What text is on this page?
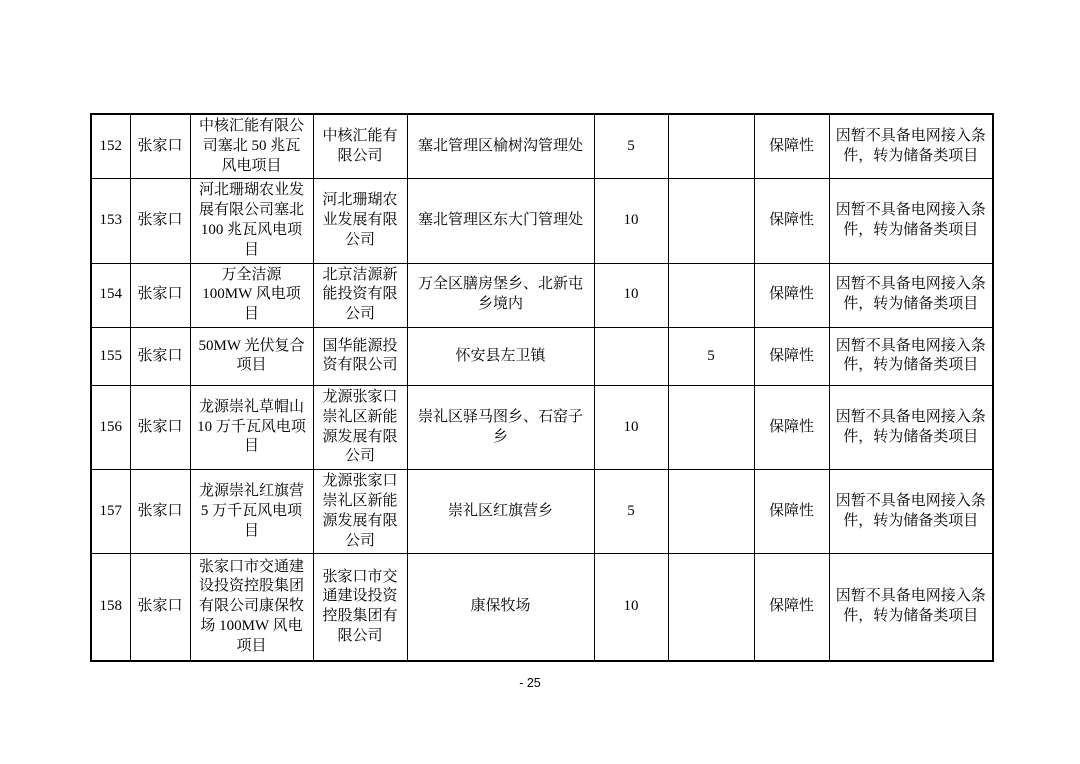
152	张家口	中核汇能有限公司塞北 50 兆瓦风电项目	中核汇能有限公司	塞北管理区榆树沟管理处	5		保障性	因暂不具备电网接入条件，转为储备类项目
153	张家口	河北珊瑚农业发展有限公司塞北 100 兆瓦风电项目	河北珊瑚农业发展有限公司	塞北管理区东大门管理处	10		保障性	因暂不具备电网接入条件，转为储备类项目
154	张家口	万全洁源 100MW 风电项目	北京洁源新能投资有限公司	万全区膳房堡乡、北新屯乡境内	10		保障性	因暂不具备电网接入条件，转为储备类项目
155	张家口	50MW 光伏复合项目	国华能源投资有限公司	怀安县左卫镇		5	保障性	因暂不具备电网接入条件，转为储备类项目
156	张家口	龙源崇礼草帽山 10 万千瓦风电项目	龙源张家口崇礼区新能源发展有限公司	崇礼区驿马图乡、石窑子乡	10		保障性	因暂不具备电网接入条件，转为储备类项目
157	张家口	龙源崇礼红旗营 5 万千瓦风电项目	龙源张家口崇礼区新能源发展有限公司	崇礼区红旗营乡	5		保障性	因暂不具备电网接入条件，转为储备类项目
158	张家口	张家口市交通建设投资控股集团有限公司康保牧场 100MW 风电项目	张家口市交通建设投资控股集团有限公司	康保牧场	10		保障性	因暂不具备电网接入条件，转为储备类项目
- 25
